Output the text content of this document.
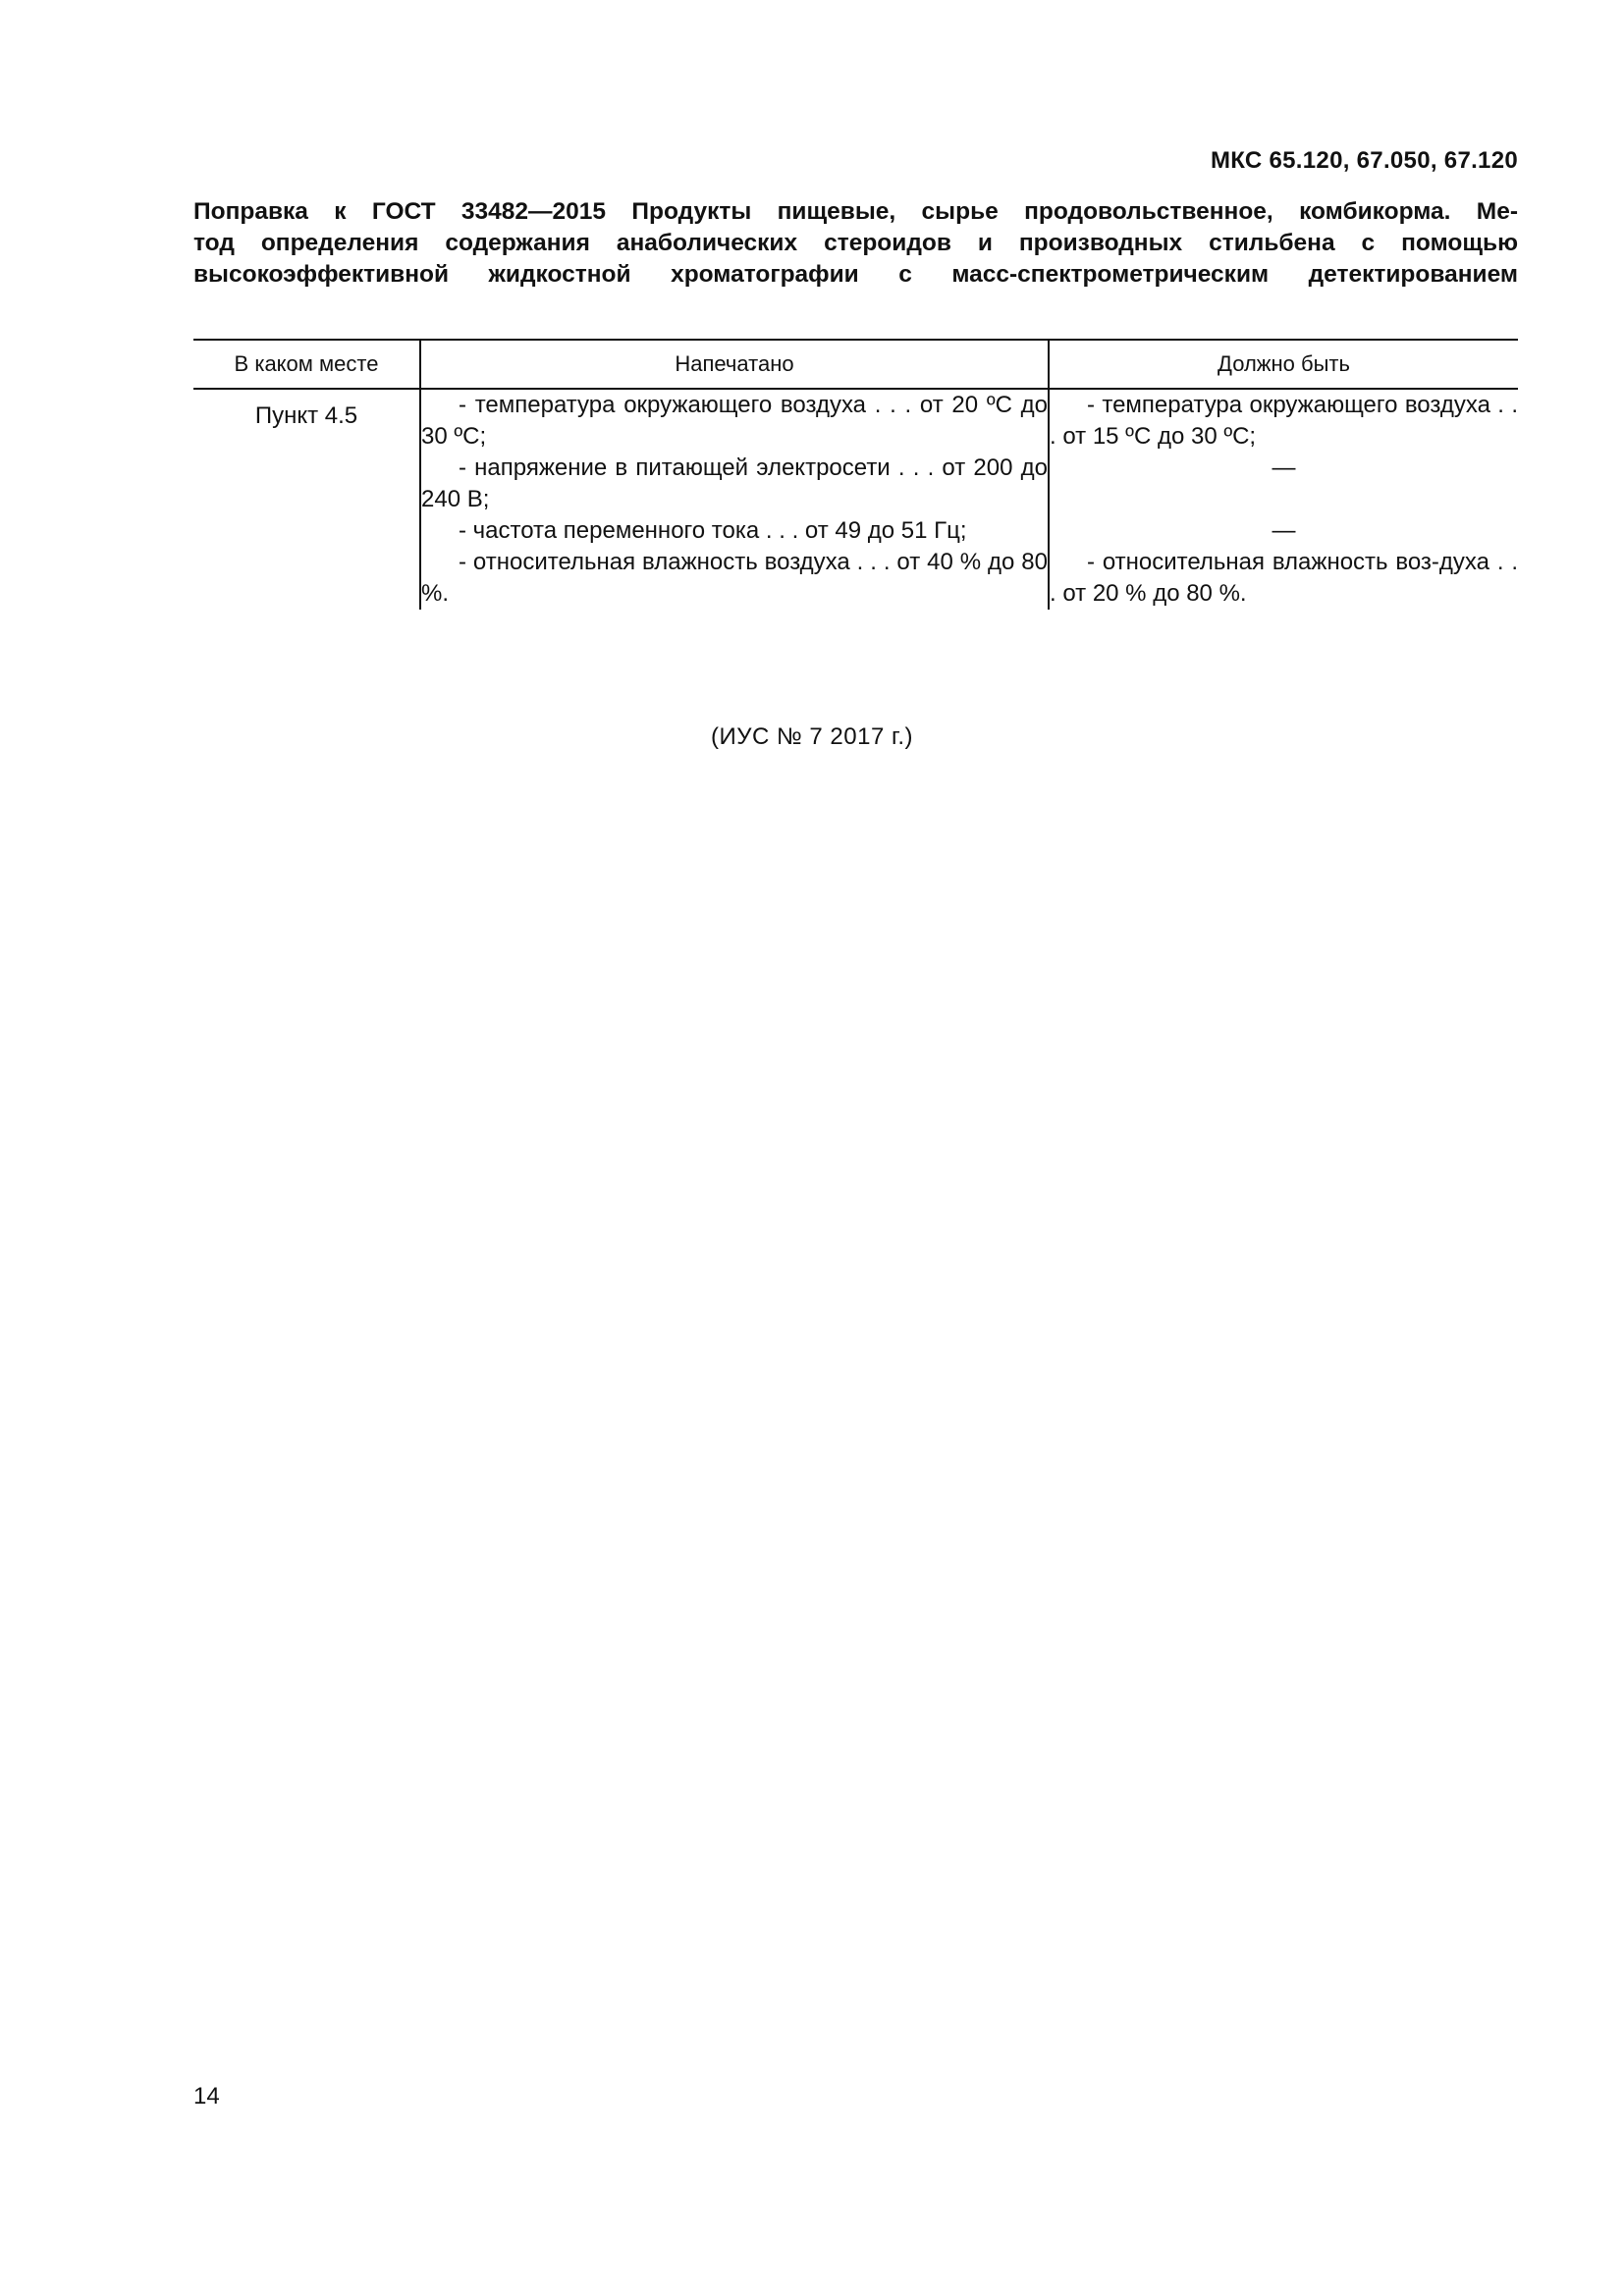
МКС 65.120, 67.050, 67.120
Поправка к ГОСТ 33482—2015 Продукты пищевые, сырье продовольственное, комбикорма. Ме-
тод определения содержания анаболических стероидов и производных стильбена с помощью
высокоэффективной жидкостной хроматографии с масс-спектрометрическим детектированием
В каком месте	Напечатано	Должно быть
Пункт 4.5	- температура окружающего воздуха . . . от 20 ºС до 30 ºС;	- температура окружающего воздуха . . . от 15 ºС до 30 ºС;

	- напряжение в питающей электросети . . . от 200 до 240 В;	—

	- частота переменного тока . . . от 49 до 51 Гц;	—

	- относительная влажность воздуха . . . от 40 % до 80 %.	- относительная влажность воз-духа . . . от 20 % до 80 %.

(ИУС № 7 2017 г.)
14
